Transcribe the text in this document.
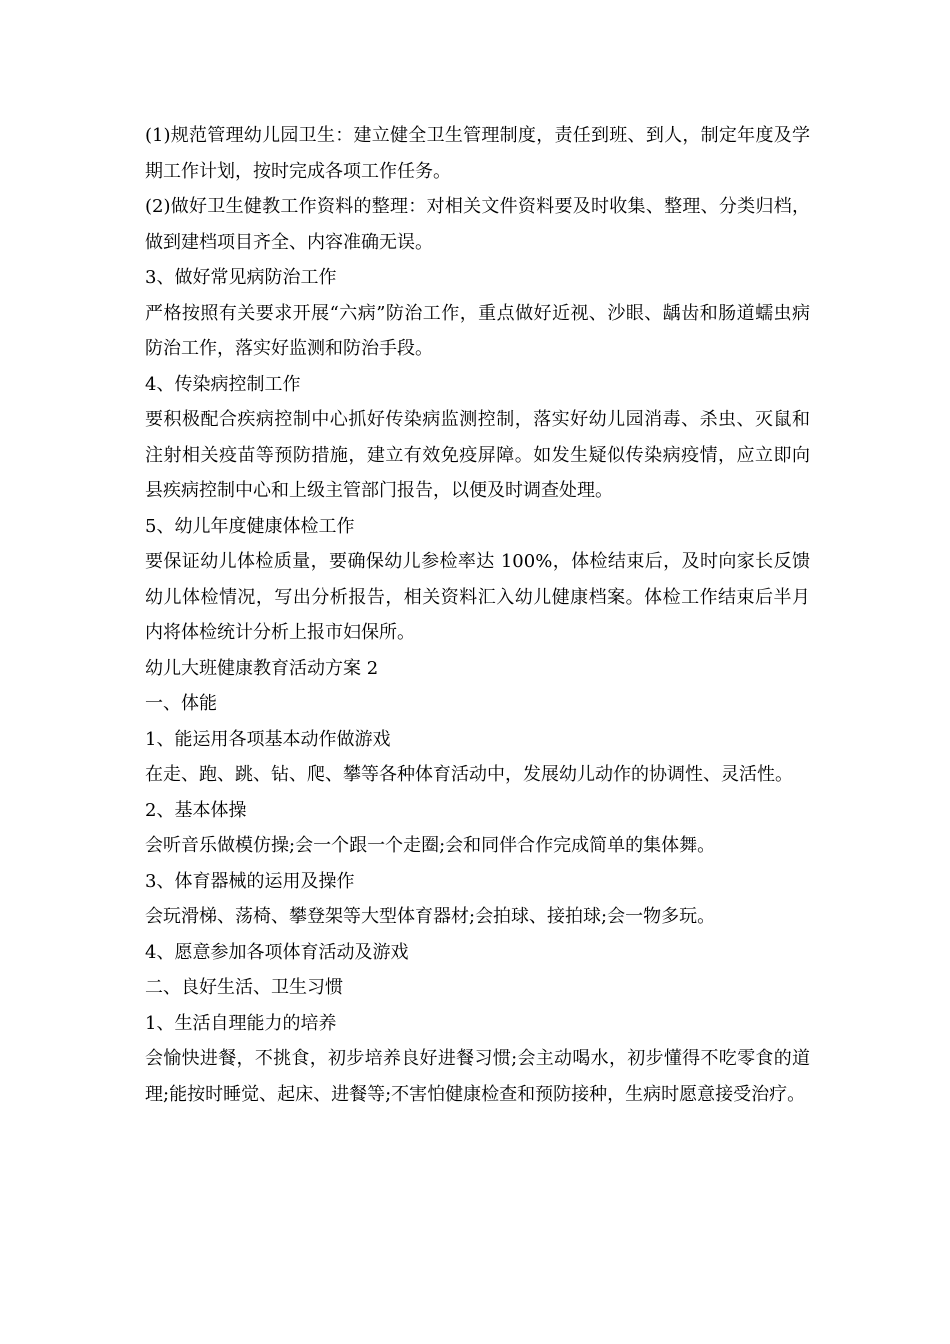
(1)规范管理幼儿园卫生：建立健全卫生管理制度，责任到班、到人，制定年度及学期工作计划，按时完成各项工作任务。

(2)做好卫生健教工作资料的整理：对相关文件资料要及时收集、整理、分类归档，做到建档项目齐全、内容准确无误。

3、做好常见病防治工作

严格按照有关要求开展“六病”防治工作，重点做好近视、沙眼、龋齿和肠道蠕虫病防治工作，落实好监测和防治手段。

4、传染病控制工作

要积极配合疾病控制中心抓好传染病监测控制，落实好幼儿园消毒、杀虫、灭鼠和注射相关疫苗等预防措施，建立有效免疫屏障。如发生疑似传染病疫情，应立即向县疾病控制中心和上级主管部门报告，以便及时调查处理。

5、幼儿年度健康体检工作

要保证幼儿体检质量，要确保幼儿参检率达 100%，体检结束后，及时向家长反馈幼儿体检情况，写出分析报告，相关资料汇入幼儿健康档案。体检工作结束后半月内将体检统计分析上报市妇保所。

幼儿大班健康教育活动方案 2

一、体能

1、能运用各项基本动作做游戏

在走、跑、跳、钻、爬、攀等各种体育活动中，发展幼儿动作的协调性、灵活性。

2、基本体操

会听音乐做模仿操;会一个跟一个走圈;会和同伴合作完成简单的集体舞。

3、体育器械的运用及操作

会玩滑梯、荡椅、攀登架等大型体育器材;会拍球、接拍球;会一物多玩。

4、愿意参加各项体育活动及游戏

二、良好生活、卫生习惯

1、生活自理能力的培养

会愉快进餐，不挑食，初步培养良好进餐习惯;会主动喝水，初步懂得不吃零食的道理;能按时睡觉、起床、进餐等;不害怕健康检查和预防接种，生病时愿意接受治疗。
